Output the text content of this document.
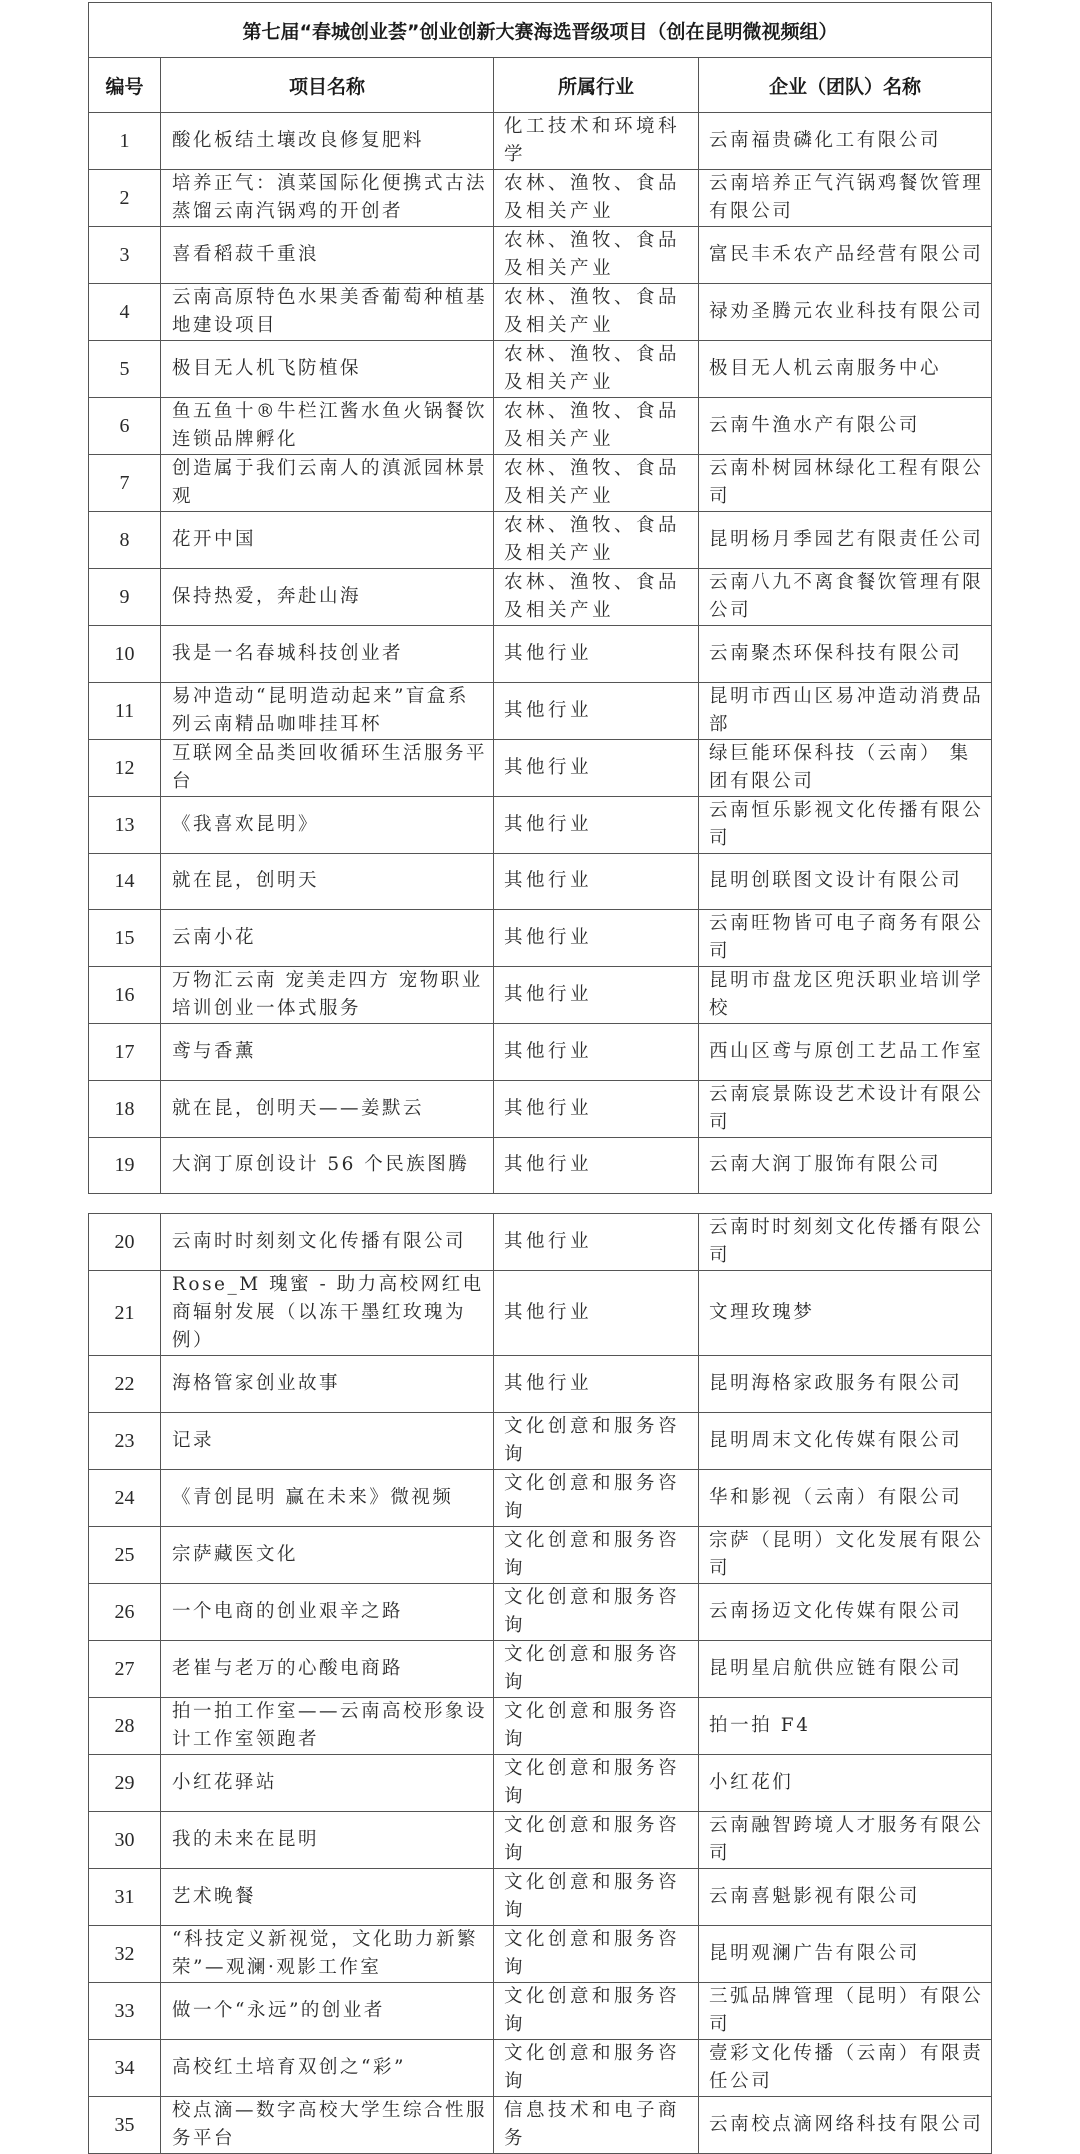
第七届“春城创业荟”创业创新大赛海选晋级项目（创在昆明微视频组）			
编号	项目名称	所属行业	企业（团队）名称
1	酸化板结土壤改良修复肥料	化工技术和环境科学	云南福贵磷化工有限公司
2	培养正气：滇菜国际化便携式古法蒸馏云南汽锅鸡的开创者	农林、渔牧、食品及相关产业	云南培养正气汽锅鸡餐饮管理有限公司
3	喜看稻菽千重浪	农林、渔牧、食品及相关产业	富民丰禾农产品经营有限公司
4	云南高原特色水果美香葡萄种植基地建设项目	农林、渔牧、食品及相关产业	禄劝圣腾元农业科技有限公司
5	极目无人机飞防植保	农林、渔牧、食品及相关产业	极目无人机云南服务中心
6	鱼五鱼十®牛栏江酱水鱼火锅餐饮连锁品牌孵化	农林、渔牧、食品及相关产业	云南牛渔水产有限公司
7	创造属于我们云南人的滇派园林景观	农林、渔牧、食品及相关产业	云南朴树园林绿化工程有限公司
8	花开中国	农林、渔牧、食品及相关产业	昆明杨月季园艺有限责任公司
9	保持热爱，奔赴山海	农林、渔牧、食品及相关产业	云南八九不离食餐饮管理有限公司
10	我是一名春城科技创业者	其他行业	云南聚杰环保科技有限公司
11	易冲造动“昆明造动起来”盲盒系列云南精品咖啡挂耳杯	其他行业	昆明市西山区易冲造动消费品部
12	互联网全品类回收循环生活服务平台	其他行业	绿巨能环保科技（云南） 集团有限公司
13	《我喜欢昆明》	其他行业	云南恒乐影视文化传播有限公司
14	就在昆，创明天	其他行业	昆明创联图文设计有限公司
15	云南小花	其他行业	云南旺物皆可电子商务有限公司
16	万物汇云南 宠美走四方 宠物职业培训创业一体式服务	其他行业	昆明市盘龙区兜沃职业培训学校
17	鸢与香薰	其他行业	西山区鸢与原创工艺品工作室
18	就在昆，创明天——姜默云	其他行业	云南宸景陈设艺术设计有限公司
19	大润丁原创设计 56 个民族图腾	其他行业	云南大润丁服饰有限公司
20	云南时时刻刻文化传播有限公司	其他行业	云南时时刻刻文化传播有限公司
21	Rose_M 瑰蜜 - 助力高校网红电商辐射发展（以冻干墨红玫瑰为例）	其他行业	文理玫瑰梦
22	海格管家创业故事	其他行业	昆明海格家政服务有限公司
23	记录	文化创意和服务咨询	昆明周末文化传媒有限公司
24	《青创昆明 赢在未来》微视频	文化创意和服务咨询	华和影视（云南）有限公司
25	宗萨藏医文化	文化创意和服务咨询	宗萨（昆明）文化发展有限公司
26	一个电商的创业艰辛之路	文化创意和服务咨询	云南扬迈文化传媒有限公司
27	老崔与老万的心酸电商路	文化创意和服务咨询	昆明星启航供应链有限公司
28	拍一拍工作室——云南高校形象设计工作室领跑者	文化创意和服务咨询	拍一拍 F4
29	小红花驿站	文化创意和服务咨询	小红花们
30	我的未来在昆明	文化创意和服务咨询	云南融智跨境人才服务有限公司
31	艺术晚餐	文化创意和服务咨询	云南喜魁影视有限公司
32	“科技定义新视觉，文化助力新繁荣”—观澜·观影工作室	文化创意和服务咨询	昆明观澜广告有限公司
33	做一个“永远”的创业者	文化创意和服务咨询	三弧品牌管理（昆明）有限公司
34	高校红土培育双创之“彩”	文化创意和服务咨询	壹彩文化传播（云南）有限责任公司
35	校点滴—数字高校大学生综合性服务平台	信息技术和电子商务	云南校点滴网络科技有限公司
